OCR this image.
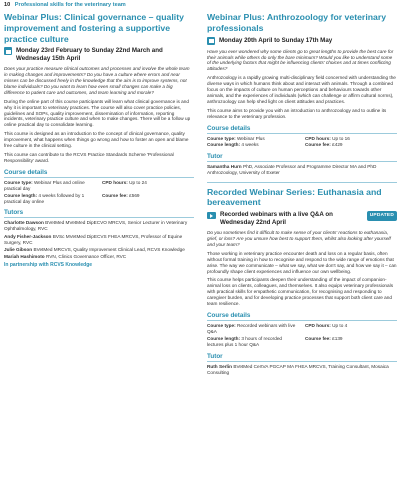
10 Professional skills for the veterinary team
Webinar Plus: Clinical governance – quality improvement and fostering a supportive practice culture
Monday 23rd February to Sunday 22nd March and Wednesday 15th April

Does your practice measure clinical outcomes and processes and involve the whole team in making changes and improvements? Do you have a culture where errors and near misses can be discussed freely in the knowledge that the aim is to improve systems, not blame individuals? Do you want to learn how even small changes can make a big difference to patient care and outcomes, and team learning and morale?

During the online part of this course participants will learn what clinical governance is and why it is important to veterinary practices. The course will also cover practice policies, guidelines and SOPs, quality improvement, dissemination of information, reporting incidents, veterinary practice culture and when to make changes. There will be a follow up online practical day to consolidate learning.

This course is designed as an introduction to the concept of clinical governance, quality improvement, what happens when things go wrong and how to foster an open and blame free culture in the clinical setting.

This course can contribute to the RCVS Practice Standards Scheme 'Professional Responsibility' award.

Course details
Course type: Webinar Plus and online practical day
CPD hours: Up to 24
Course length: 4 weeks followed by 1 practical day online
Course fee: £569
Tutors
Charlotte Dawson BVetMed MVetMed DipECVO MRCVS, Senior Lecturer in Veterinary Ophthalmology, RVC
Andy Fisher-Jackson BVSc MVetMed DipECVS FHEA MRCVS, Professor of Equine Surgery, RVC
Julie Gibson BVetMed MRCVS, Quality Improvement Clinical Lead, RCVS Knowledge
Mariah Hashimoto RVN, Clinics Governance Officer, RVC
In partnership with RCVS Knowledge
Webinar Plus: Anthrozoology for veterinary professionals
Monday 20th April to Sunday 17th May

Have you ever wondered why some clients go to great lengths to provide the best care for their animals while others do only the bare minimum? Would you like to understand some of the underlying factors that might be influencing clients' choices and at times conflicting attitudes?

Anthrozoology is a rapidly growing multi-disciplinary field concerned with understanding the diverse ways in which humans think about and interact with animals. Through a combined focus on the impacts of culture on human perceptions and behaviours towards other animals, and the experiences of individuals (which can challenge or affirm cultural norms), anthrozoology can help shed light on client attitudes and practices.

This course aims to provide you with an introduction to anthrozoology and to outline its relevance to the veterinary profession.

Course details
Course type: Webinar Plus	CPD hours: Up to 16
Course length: 4 weeks	Course fee: £429
Tutor
Samantha Hurn PhD, Associate Professor and Programme Director MA and PhD Anthrozoology, University of Exeter
Recorded Webinar Series: Euthanasia and bereavement
Recorded webinars with a live Q&A on Wednesday 22nd April
UPDATED

Do you sometimes find it difficult to make sense of your clients' reactions to euthanasia, grief, or loss? Are you unsure how best to support them, whilst also looking after yourself and your team?

Those working in veterinary practice encounter death and loss on a regular basis, often without formal training in how to recognise and respond to the wide range of emotions that arise. The way we communicate – what we say, what we don't say, and how we say it – can profoundly shape client experiences and influence our own wellbeing.

This course helps participants deepen their understanding of the impact of companion-animal loss on clients, colleagues, and themselves. It also equips veterinary professionals with practical skills for empathetic communication, for recognising and responding to caregiver burden, and for developing practice processes that support both client care and team resilience.

Course details
Course type: Recorded webinars with live Q&A
CPD hours: Up to 4
Course length: 3 hours of recorded lectures plus 1 hour Q&A
Course fee: £139
Tutor
Ruth Serlin BVetMed CertVA PGCAP MA FHEA MRCVS, Training Consultant, Mosaica Consulting
